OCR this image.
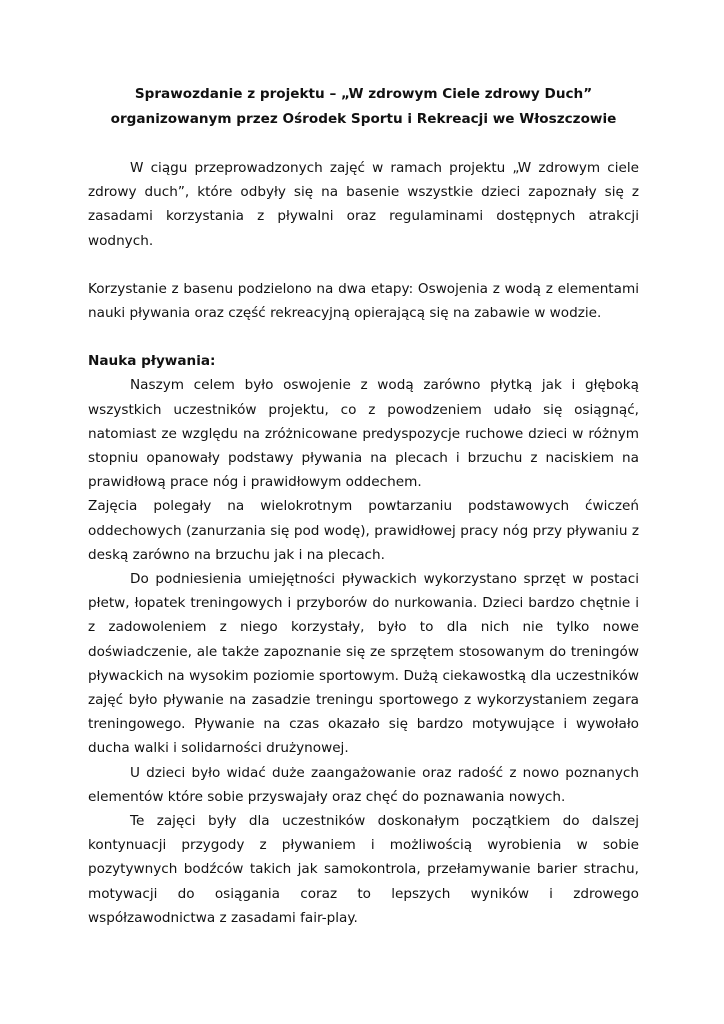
Sprawozdanie z projektu – „W zdrowym Ciele zdrowy Duch”

organizowanym przez Ośrodek Sportu i Rekreacji we Włoszczowie

W ciągu przeprowadzonych zajęć w ramach projektu „W zdrowym ciele zdrowy duch”, które odbyły się na basenie wszystkie dzieci zapoznały się z zasadami korzystania z pływalni oraz regulaminami dostępnych atrakcji wodnych.

Korzystanie z basenu podzielono na dwa etapy: Oswojenia z wodą z elementami nauki pływania oraz część rekreacyjną opierającą się na zabawie w wodzie.

Nauka pływania:

Naszym celem było oswojenie z wodą zarówno płytką jak i głęboką wszystkich uczestników projektu, co z powodzeniem udało się osiągnąć, natomiast ze względu na zróżnicowane predyspozycje ruchowe dzieci w różnym stopniu opanowały podstawy pływania na plecach i brzuchu z naciskiem na prawidłową prace nóg i prawidłowym oddechem.

Zajęcia polegały na wielokrotnym powtarzaniu podstawowych ćwiczeń oddechowych (zanurzania się pod wodę), prawidłowej pracy nóg przy pływaniu z deską zarówno na brzuchu jak i na plecach.

Do podniesienia umiejętności pływackich wykorzystano sprzęt w postaci płetw, łopatek treningowych i przyborów do nurkowania. Dzieci bardzo chętnie i z zadowoleniem z niego korzystały, było to dla nich nie tylko nowe doświadczenie, ale także zapoznanie się ze sprzętem stosowanym do treningów pływackich na wysokim poziomie sportowym. Dużą ciekawostką dla uczestników zajęć było pływanie na zasadzie treningu sportowego z wykorzystaniem zegara treningowego. Pływanie na czas okazało się bardzo motywujące i wywołało ducha walki i solidarności drużynowej.

U dzieci było widać duże zaangażowanie oraz radość z nowo poznanych elementów które sobie przyswajały oraz chęć do poznawania nowych.

Te zajęci były dla uczestników doskonałym początkiem do dalszej kontynuacji przygody z pływaniem i możliwością wyrobienia w sobie pozytywnych bodźców takich jak samokontrola, przełamywanie barier strachu, motywacji do osiągania coraz to lepszych wyników i zdrowego współzawodnictwa z zasadami fair-play.
